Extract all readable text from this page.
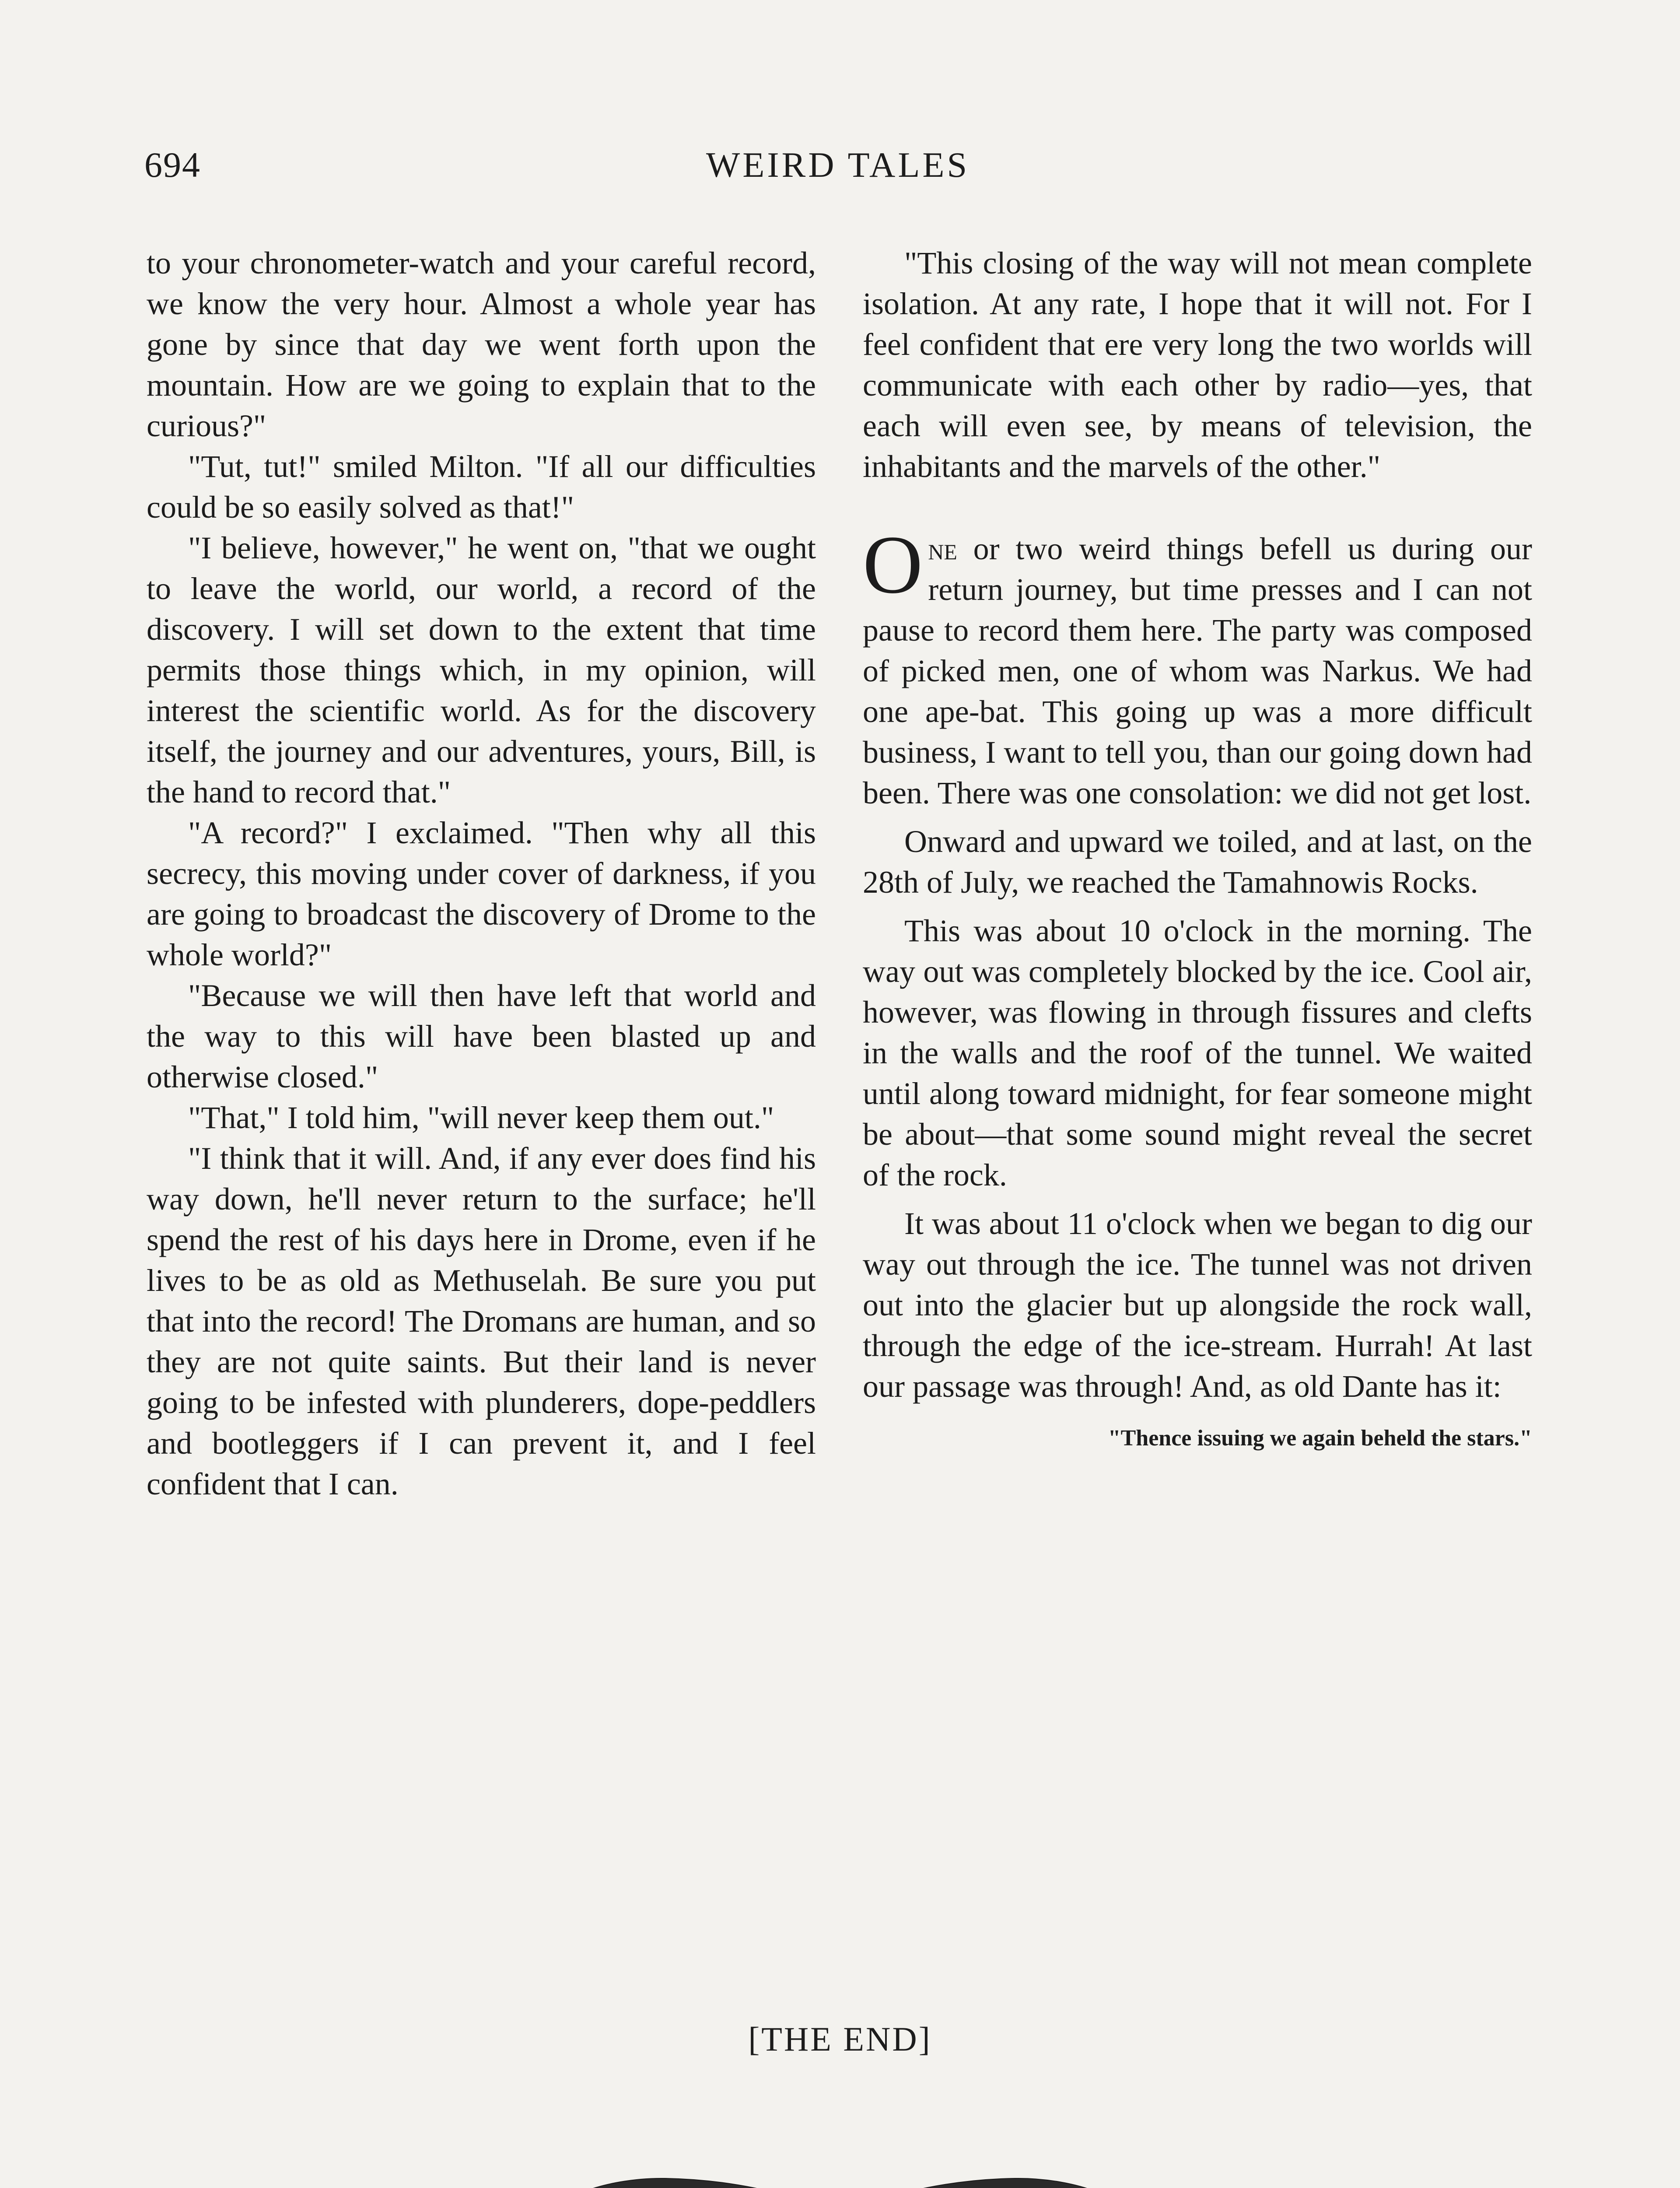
694	WEIRD TALES

to your chronometer-watch and your careful record, we know the very hour. Almost a whole year has gone by since that day we went forth upon the mountain. How are we going to explain that to the curious?"

"Tut, tut!" smiled Milton. "If all our difficulties could be so easily solved as that!"

"I believe, however," he went on, "that we ought to leave the world, our world, a record of the discovery. I will set down to the extent that time permits those things which, in my opinion, will interest the scientific world. As for the discovery itself, the journey and our adventures, yours, Bill, is the hand to record that."

"A record?" I exclaimed. "Then why all this secrecy, this moving under cover of darkness, if you are going to broadcast the discovery of Drome to the whole world?"

"Because we will then have left that world and the way to this will have been blasted up and otherwise closed."

"That," I told him, "will never keep them out."

"I think that it will. And, if any ever does find his way down, he'll never return to the surface; he'll spend the rest of his days here in Drome, even if he lives to be as old as Methuselah. Be sure you put that into the record! The Dromans are human, and so they are not quite saints. But their land is never going to be infested with plunderers, dope-peddlers and bootleggers if I can prevent it, and I feel confident that I can.

"This closing of the way will not mean complete isolation. At any rate, I hope that it will not. For I feel confident that ere very long the two worlds will communicate with each other by radio—yes, that each will even see, by means of television, the inhabitants and the marvels of the other."

One or two weird things befell us during our return journey, but time presses and I can not pause to record them here. The party was composed of picked men, one of whom was Narkus. We had one ape-bat. This going up was a more difficult business, I want to tell you, than our going down had been. There was one consolation: we did not get lost.

Onward and upward we toiled, and at last, on the 28th of July, we reached the Tamahnowis Rocks.

This was about 10 o'clock in the morning. The way out was completely blocked by the ice. Cool air, however, was flowing in through fissures and clefts in the walls and the roof of the tunnel. We waited until along toward midnight, for fear someone might be about—that some sound might reveal the secret of the rock.

It was about 11 o'clock when we began to dig our way out through the ice. The tunnel was not driven out into the glacier but up alongside the rock wall, through the edge of the ice-stream. Hurrah! At last our passage was through! And, as old Dante has it:

"Thence issuing we again beheld the stars."

[THE END]
